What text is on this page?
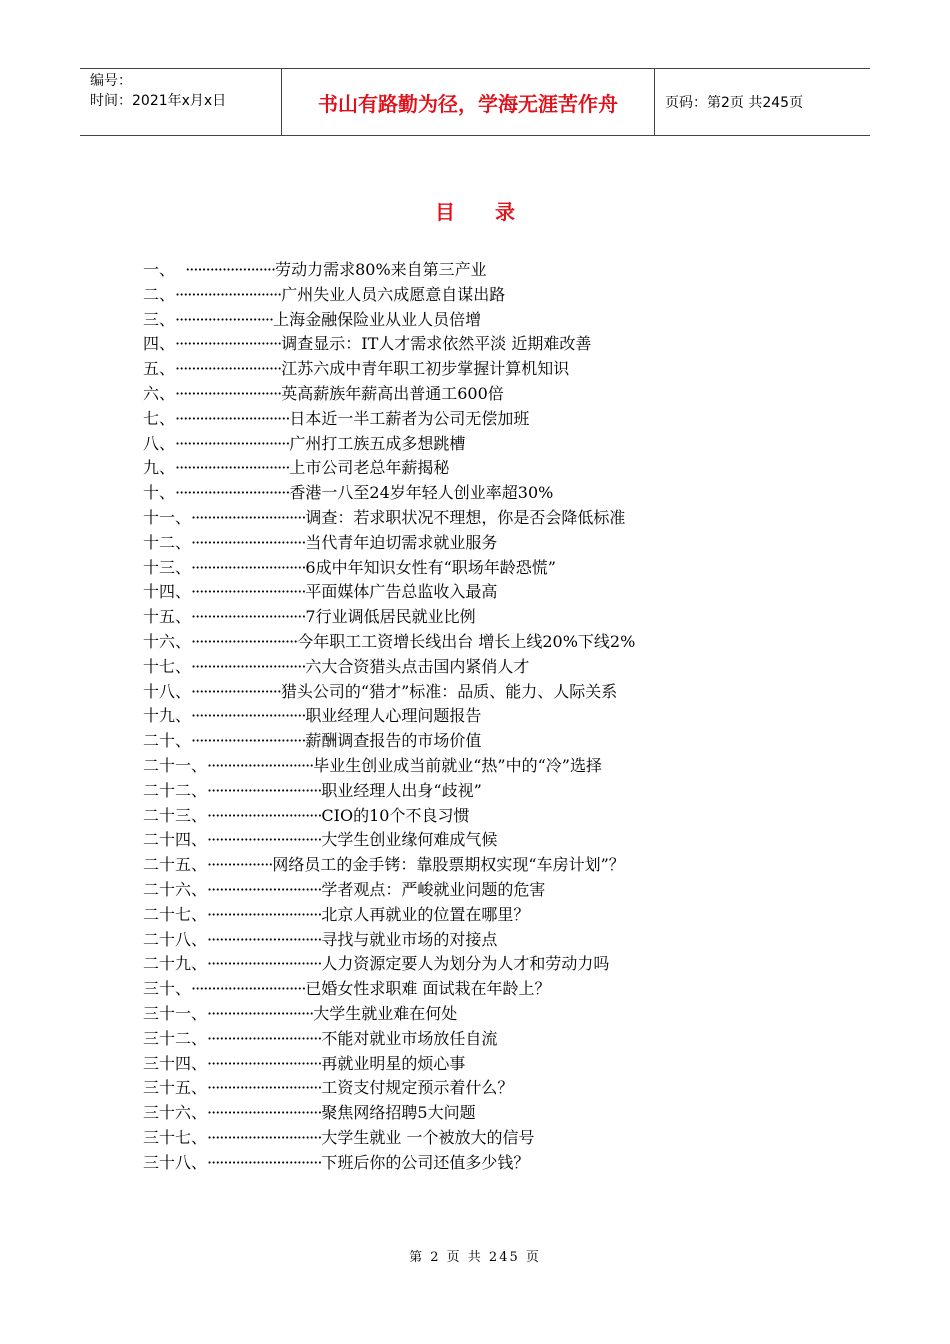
编号：
时间：2021年x月x日	书山有路勤为径，学海无涯苦作舟	页码：第2页 共245页
目录
一、 ······················ 劳动力需求80%来自第三产业
二、 ·························· 广州失业人员六成愿意自谋出路
三、 ························ 上海金融保险业从业人员倍增
四、 ·························· 调查显示：IT人才需求依然平淡 近期难改善
五、 ·························· 江苏六成中青年职工初步掌握计算机知识
六、 ·························· 英高薪族年薪高出普通工600倍
七、 ···························· 日本近一半工薪者为公司无偿加班
八、 ···························· 广州打工族五成多想跳槽
九、 ···························· 上市公司老总年薪揭秘
十、 ···························· 香港一八至24岁年轻人创业率超30%
十一、 ···························· 调查：若求职状况不理想，你是否会降低标准
十二、 ···························· 当代青年迫切需求就业服务
十三、 ···························· 6成中年知识女性有“职场年龄恐慌”
十四、 ···························· 平面媒体广告总监收入最高
十五、 ···························· 7行业调低居民就业比例
十六、 ·························· 今年职工工资增长线出台 增长上线20%下线2%
十七、 ···························· 六大合资猎头点击国内紧俏人才
十八、 ······················ 猎头公司的“猎才”标准：品质、能力、人际关系
十九、 ···························· 职业经理人心理问题报告
二十、 ···························· 薪酬调查报告的市场价值
二十一、 ·························· 毕业生创业成当前就业“热”中的“冷”选择
二十二、 ···························· 职业经理人出身“歧视”
二十三、 ···························· CIO的10个不良习惯
二十四、 ···························· 大学生创业缘何难成气候
二十五、 ················ 网络员工的金手铐：靠股票期权实现“车房计划”？
二十六、 ···························· 学者观点：严峻就业问题的危害
二十七、 ···························· 北京人再就业的位置在哪里？
二十八、 ···························· 寻找与就业市场的对接点
二十九、 ···························· 人力资源定要人为划分为人才和劳动力吗
三十、 ···························· 已婚女性求职难 面试栽在年龄上？
三十一、 ·························· 大学生就业难在何处
三十二、 ···························· 不能对就业市场放任自流
三十四、 ···························· 再就业明星的烦心事
三十五、 ···························· 工资支付规定预示着什么？
三十六、 ···························· 聚焦网络招聘5大问题
三十七、 ···························· 大学生就业 一个被放大的信号
三十八、 ···························· 下班后你的公司还值多少钱？
第 2 页 共 245 页
